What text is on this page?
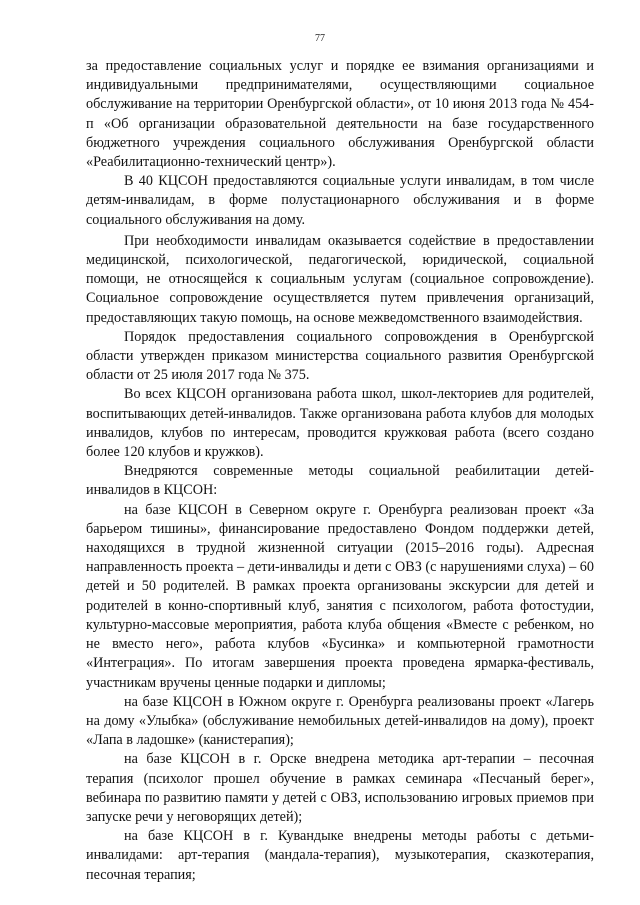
77

за предоставление социальных услуг и порядке ее взимания организациями и индивидуальными предпринимателями, осуществляющими социальное обслуживание на территории Оренбургской области», от 10 июня 2013 года № 454-п «Об организации образовательной деятельности на базе государственного бюджетного учреждения социального обслуживания Оренбургской области «Реабилитационно-технический центр»).

В 40 КЦСОН предоставляются социальные услуги инвалидам, в том числе детям-инвалидам, в форме полустационарного обслуживания и в форме социального обслуживания на дому.

При необходимости инвалидам оказывается содействие в предоставлении медицинской, психологической, педагогической, юридической, социальной помощи, не относящейся к социальным услугам (социальное сопровождение). Социальное сопровождение осуществляется путем привлечения организаций, предоставляющих такую помощь, на основе межведомственного взаимодействия.

Порядок предоставления социального сопровождения в Оренбургской области утвержден приказом министерства социального развития Оренбургской области от 25 июля 2017 года № 375.

Во всех КЦСОН организована работа школ, школ-лекториев для родителей, воспитывающих детей-инвалидов. Также организована работа клубов для молодых инвалидов, клубов по интересам, проводится кружковая работа (всего создано более 120 клубов и кружков).

Внедряются современные методы социальной реабилитации детей-инвалидов в КЦСОН:

на базе КЦСОН в Северном округе г. Оренбурга реализован проект «За барьером тишины», финансирование предоставлено Фондом поддержки детей, находящихся в трудной жизненной ситуации (2015–2016 годы). Адресная направленность проекта – дети-инвалиды и дети с ОВЗ (с нарушениями слуха) – 60 детей и 50 родителей. В рамках проекта организованы экскурсии для детей и родителей в конно-спортивный клуб, занятия с психологом, работа фотостудии, культурно-массовые мероприятия, работа клуба общения «Вместе с ребенком, но не вместо него», работа клубов «Бусинка» и компьютерной грамотности «Интеграция». По итогам завершения проекта проведена ярмарка-фестиваль, участникам вручены ценные подарки и дипломы;

на базе КЦСОН в Южном округе г. Оренбурга реализованы проект «Лагерь на дому «Улыбка» (обслуживание немобильных детей-инвалидов на дому), проект «Лапа в ладошке» (канистерапия);

на базе КЦСОН в г. Орске внедрена методика арт-терапии – песочная терапия (психолог прошел обучение в рамках семинара «Песчаный берег», вебинара по развитию памяти у детей с ОВЗ, использованию игровых приемов при запуске речи у неговорящих детей);

на базе КЦСОН в г. Кувандыке внедрены методы работы с детьми-инвалидами: арт-терапия (мандала-терапия), музыкотерапия, сказкотерапия, песочная терапия;
